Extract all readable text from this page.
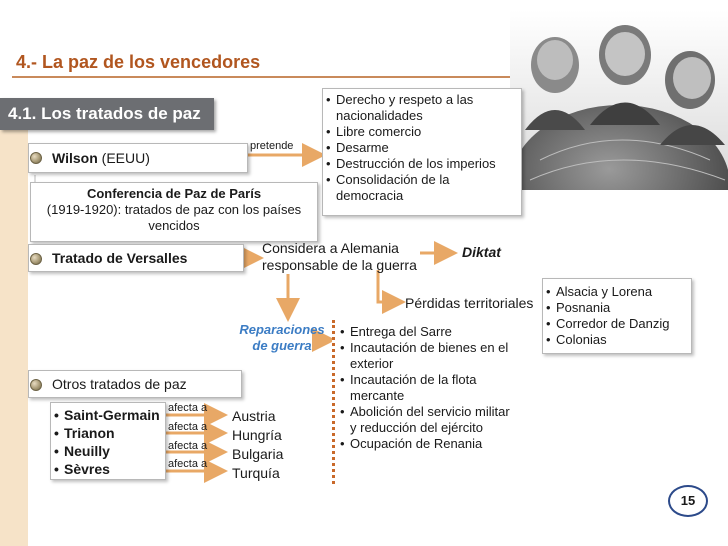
4.- La paz de los vencedores
4.1. Los tratados de paz
Wilson (EEUU)
pretende
• Derecho y respeto a las nacionalidades
• Libre comercio
• Desarme
• Destrucción de los imperios
• Consolidación de la democracia
Conferencia de Paz de París
(1919-1920): tratados de paz con los países vencidos
Tratado de Versalles
Considera a Alemania responsable de la guerra
Diktat
Pérdidas territoriales
• Alsacia y Lorena
• Posnania
• Corredor de Danzig
• Colonias
Reparaciones de guerra
• Entrega del Sarre
• Incautación de bienes en el exterior
• Incautación de la flota mercante
• Abolición del servicio militar y reducción del ejército
• Ocupación de Renania
Otros tratados de paz
• Saint-Germain
• Trianon
• Neuilly
• Sèvres
afecta a
afecta a
afecta a
afecta a
Austria
Hungría
Bulgaria
Turquía
15
